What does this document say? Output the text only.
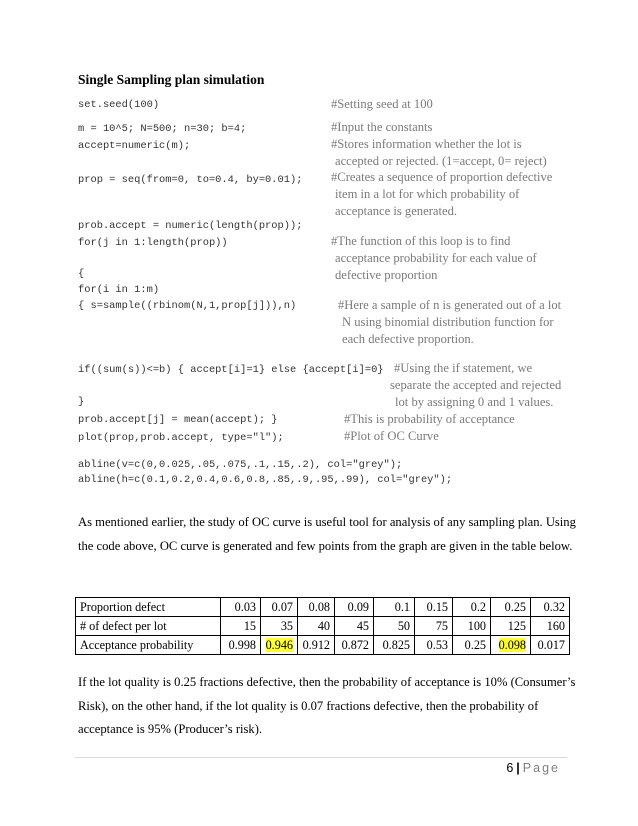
Single Sampling plan simulation
set.seed(100)
m = 10^5; N=500; n=30; b=4;
accept=numeric(m);
prop = seq(from=0, to=0.4, by=0.01);
prob.accept = numeric(length(prop));
for(j in 1:length(prop))
{
for(i in 1:m)
{ s=sample((rbinom(N,1,prop[j])),n)
if((sum(s))<=b) { accept[i]=1} else {accept[i]=0}
}
prob.accept[j] = mean(accept); }
plot(prop,prob.accept, type="l");
abline(v=c(0,0.025,.05,.075,.1,.15,.2), col="grey");
abline(h=c(0.1,0.2,0.4,0.6,0.8,.85,.9,.95,.99), col="grey");
#Setting seed at 100
#Input the constants
#Stores information whether the lot is
accepted or rejected. (1=accept, 0= reject)
#Creates a sequence of proportion defective
item in a lot for which probability of
acceptance is generated.
#The function of this loop is to find
acceptance probability for each value of
defective proportion
#Here a sample of n is generated out of a lot
N using binomial distribution function for
each defective proportion.
#Using the if statement, we
separate the accepted and rejected
lot by assigning 0 and 1 values.
#This is probability of acceptance
#Plot of OC Curve
As mentioned earlier, the study of OC curve is useful tool for analysis of any sampling plan. Using the code above, OC curve is generated and few points from the graph are given in the table below.
Proportion defect	0.03	0.07	0.08	0.09	0.1	0.15	0.2	0.25	0.32
# of defect per lot	15	35	40	45	50	75	100	125	160
Acceptance probability	0.998	0.946	0.912	0.872	0.825	0.53	0.25	0.098	0.017
If the lot quality is 0.25 fractions defective, then the probability of acceptance is 10% (Consumer’s Risk), on the other hand, if the lot quality is 0.07 fractions defective, then the probability of acceptance is 95% (Producer’s risk).
6 | Page
